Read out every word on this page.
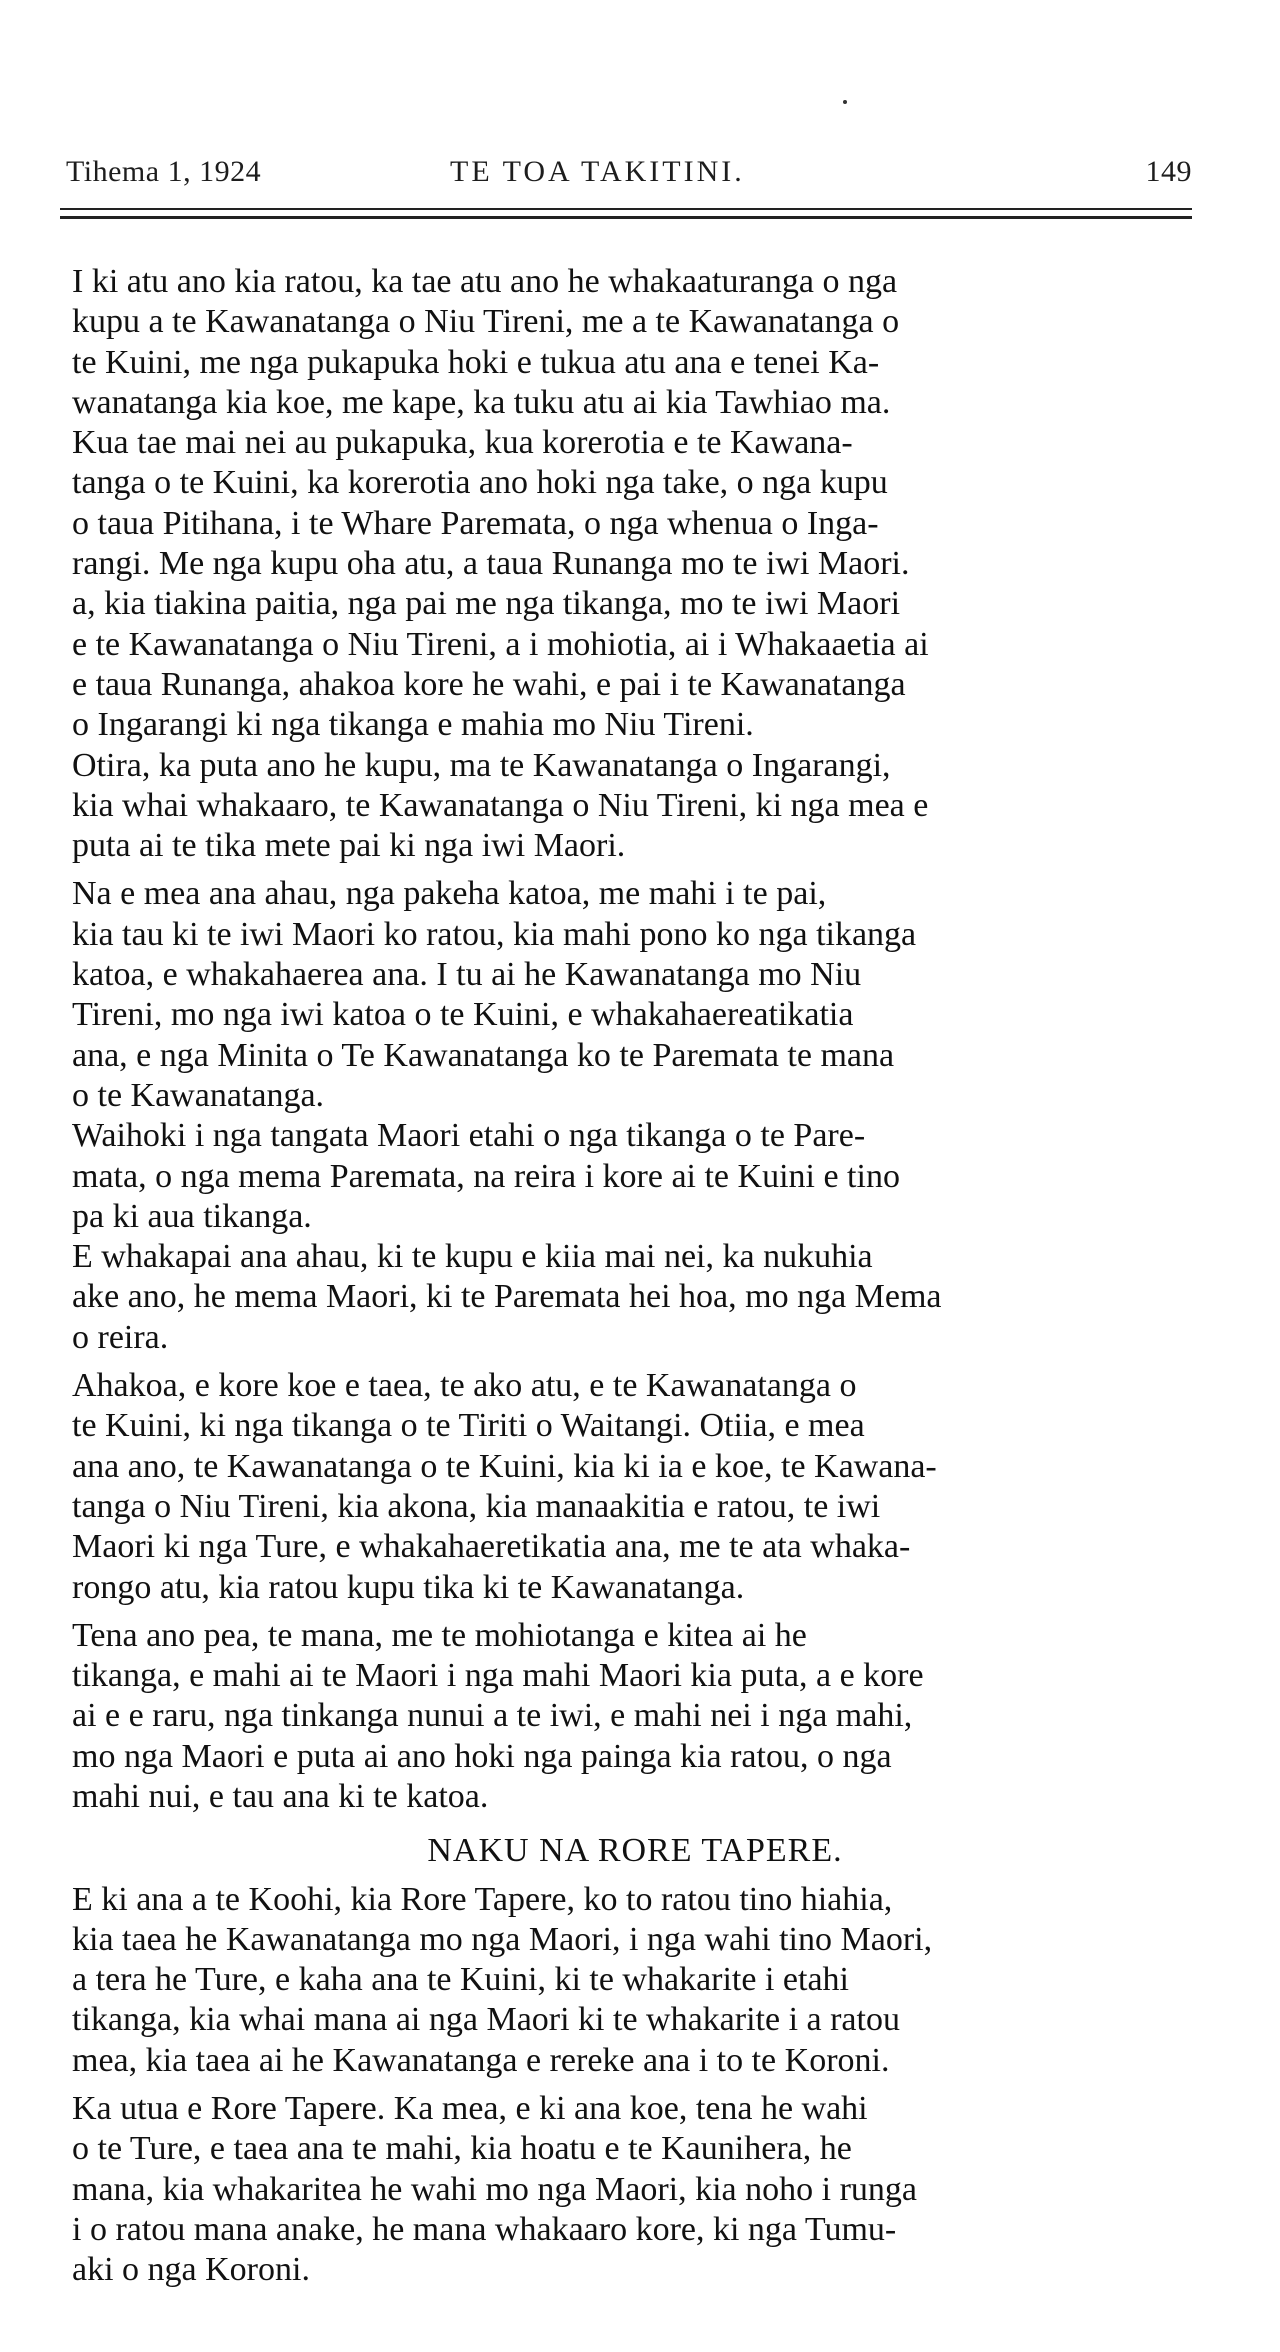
Tihema 1, 1924	TE TOA TAKITINI.	149

I ki atu ano kia ratou, ka tae atu ano he whakaaturanga o nga
kupu a te Kawanatanga o Niu Tireni, me a te Kawanatanga o
te Kuini, me nga pukapuka hoki e tukua atu ana e tenei Ka-
wanatanga kia koe, me kape, ka tuku atu ai kia Tawhiao ma.

Kua tae mai nei au pukapuka, kua korerotia e te Kawana-
tanga o te Kuini, ka korerotia ano hoki nga take, o nga kupu
o taua Pitihana, i te Whare Paremata, o nga whenua o Inga-
rangi. Me nga kupu oha atu, a taua Runanga mo te iwi Maori.
a, kia tiakina paitia, nga pai me nga tikanga, mo te iwi Maori
e te Kawanatanga o Niu Tireni, a i mohiotia, ai i Whakaaetia ai
e taua Runanga, ahakoa kore he wahi, e pai i te Kawanatanga
o Ingarangi ki nga tikanga e mahia mo Niu Tireni.

Otira, ka puta ano he kupu, ma te Kawanatanga o Ingarangi,
kia whai whakaaro, te Kawanatanga o Niu Tireni, ki nga mea e
puta ai te tika mete pai ki nga iwi Maori.

Na e mea ana ahau, nga pakeha katoa, me mahi i te pai,
kia tau ki te iwi Maori ko ratou, kia mahi pono ko nga tikanga
katoa, e whakahaerea ana. I tu ai he Kawanatanga mo Niu
Tireni, mo nga iwi katoa o te Kuini, e whakahaereatikatia
ana, e nga Minita o Te Kawanatanga ko te Paremata te mana
o te Kawanatanga.

Waihoki i nga tangata Maori etahi o nga tikanga o te Pare-
mata, o nga mema Paremata, na reira i kore ai te Kuini e tino
pa ki aua tikanga.

E whakapai ana ahau, ki te kupu e kiia mai nei, ka nukuhia
ake ano, he mema Maori, ki te Paremata hei hoa, mo nga Mema
o reira.

Ahakoa, e kore koe e taea, te ako atu, e te Kawanatanga o
te Kuini, ki nga tikanga o te Tiriti o Waitangi. Otiia, e mea
ana ano, te Kawanatanga o te Kuini, kia ki ia e koe, te Kawana-
tanga o Niu Tireni, kia akona, kia manaakitia e ratou, te iwi
Maori ki nga Ture, e whakahaeretikatia ana, me te ata whaka-
rongo atu, kia ratou kupu tika ki te Kawanatanga.

Tena ano pea, te mana, me te mohiotanga e kitea ai he
tikanga, e mahi ai te Maori i nga mahi Maori kia puta, a e kore
ai e e raru, nga tinkanga nunui a te iwi, e mahi nei i nga mahi,
mo nga Maori e puta ai ano hoki nga painga kia ratou, o nga
mahi nui, e tau ana ki te katoa.

NAKU NA RORE TAPERE.

E ki ana a te Koohi, kia Rore Tapere, ko to ratou tino hiahia,
kia taea he Kawanatanga mo nga Maori, i nga wahi tino Maori,
a tera he Ture, e kaha ana te Kuini, ki te whakarite i etahi
tikanga, kia whai mana ai nga Maori ki te whakarite i a ratou
mea, kia taea ai he Kawanatanga e rereke ana i to te Koroni.

Ka utua e Rore Tapere. Ka mea, e ki ana koe, tena he wahi
o te Ture, e taea ana te mahi, kia hoatu e te Kaunihera, he
mana, kia whakaritea he wahi mo nga Maori, kia noho i runga
i o ratou mana anake, he mana whakaaro kore, ki nga Tumu-
aki o nga Koroni.
